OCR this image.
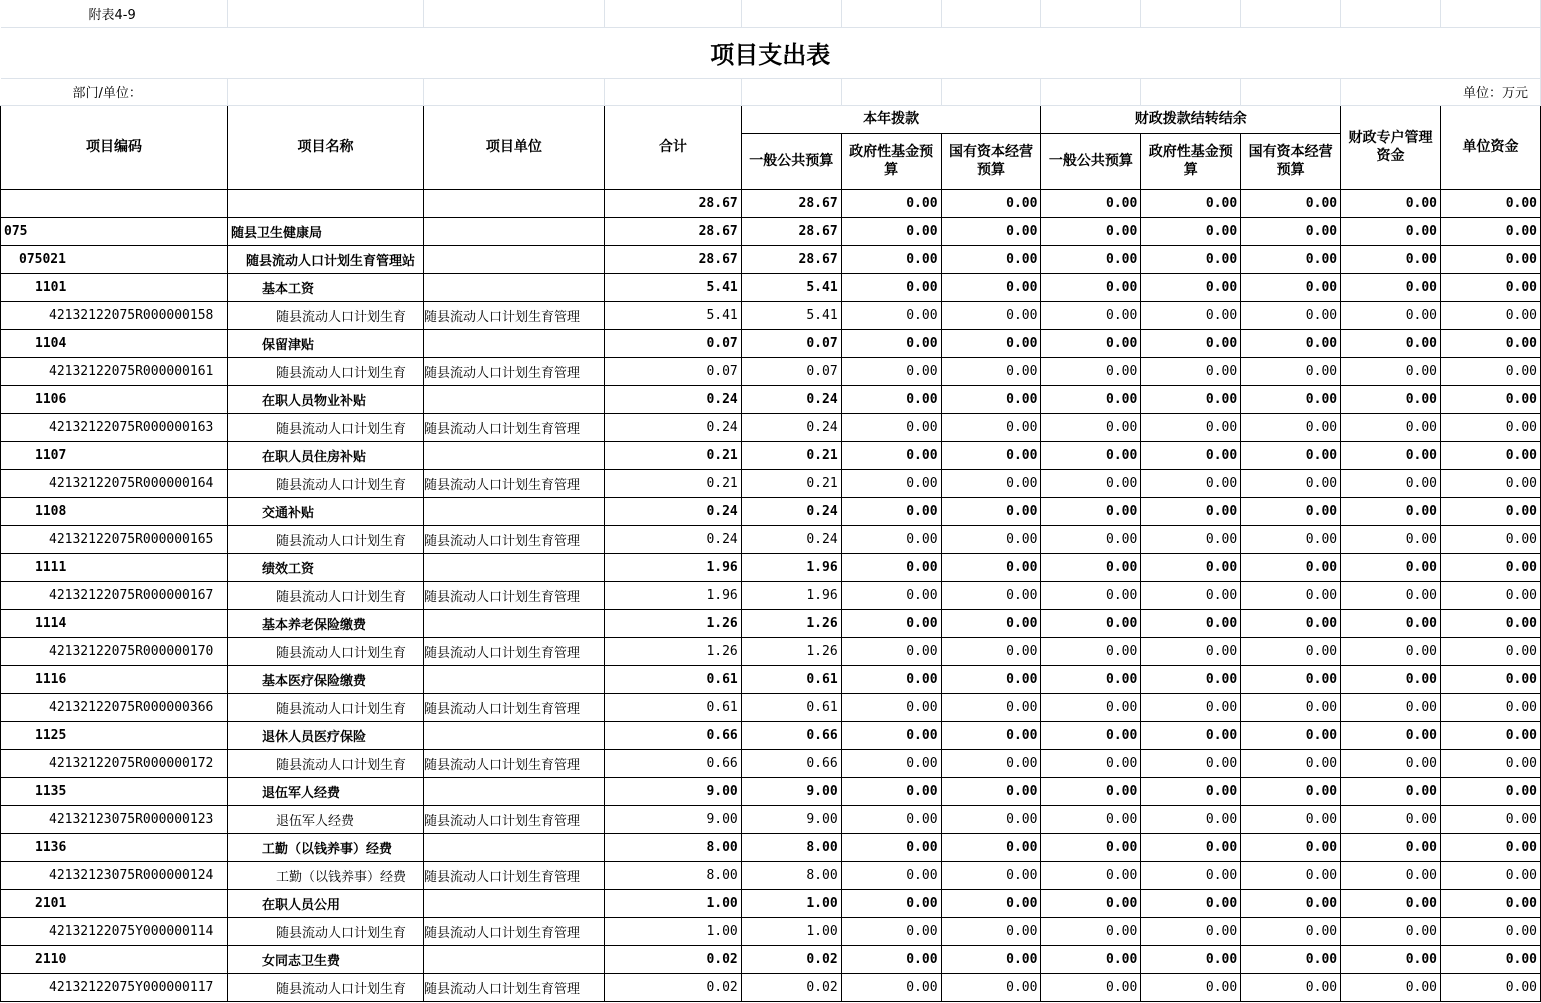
附表4-9											
项目支出表											
部门/单位：										单位：万元	
项目编码	项目名称	项目单位	合计	本年拨款			财政拨款结转结余			财政专户管理资金	单位资金
				一般公共预算	政府性基金预算	国有资本经营预算	一般公共预算	政府性基金预算	国有资本经营预算		
			28.67	28.67	0.00	0.00	0.00	0.00	0.00	0.00	0.00
075	随县卫生健康局		28.67	28.67	0.00	0.00	0.00	0.00	0.00	0.00	0.00
075021	随县流动人口计划生育管理站		28.67	28.67	0.00	0.00	0.00	0.00	0.00	0.00	0.00
1101	基本工资		5.41	5.41	0.00	0.00	0.00	0.00	0.00	0.00	0.00
42132122075R000000158	随县流动人口计划生育	随县流动人口计划生育管理	5.41	5.41	0.00	0.00	0.00	0.00	0.00	0.00	0.00
1104	保留津贴		0.07	0.07	0.00	0.00	0.00	0.00	0.00	0.00	0.00
42132122075R000000161	随县流动人口计划生育	随县流动人口计划生育管理	0.07	0.07	0.00	0.00	0.00	0.00	0.00	0.00	0.00
1106	在职人员物业补贴		0.24	0.24	0.00	0.00	0.00	0.00	0.00	0.00	0.00
42132122075R000000163	随县流动人口计划生育	随县流动人口计划生育管理	0.24	0.24	0.00	0.00	0.00	0.00	0.00	0.00	0.00
1107	在职人员住房补贴		0.21	0.21	0.00	0.00	0.00	0.00	0.00	0.00	0.00
42132122075R000000164	随县流动人口计划生育	随县流动人口计划生育管理	0.21	0.21	0.00	0.00	0.00	0.00	0.00	0.00	0.00
1108	交通补贴		0.24	0.24	0.00	0.00	0.00	0.00	0.00	0.00	0.00
42132122075R000000165	随县流动人口计划生育	随县流动人口计划生育管理	0.24	0.24	0.00	0.00	0.00	0.00	0.00	0.00	0.00
1111	绩效工资		1.96	1.96	0.00	0.00	0.00	0.00	0.00	0.00	0.00
42132122075R000000167	随县流动人口计划生育	随县流动人口计划生育管理	1.96	1.96	0.00	0.00	0.00	0.00	0.00	0.00	0.00
1114	基本养老保险缴费		1.26	1.26	0.00	0.00	0.00	0.00	0.00	0.00	0.00
42132122075R000000170	随县流动人口计划生育	随县流动人口计划生育管理	1.26	1.26	0.00	0.00	0.00	0.00	0.00	0.00	0.00
1116	基本医疗保险缴费		0.61	0.61	0.00	0.00	0.00	0.00	0.00	0.00	0.00
42132122075R000000366	随县流动人口计划生育	随县流动人口计划生育管理	0.61	0.61	0.00	0.00	0.00	0.00	0.00	0.00	0.00
1125	退休人员医疗保险		0.66	0.66	0.00	0.00	0.00	0.00	0.00	0.00	0.00
42132122075R000000172	随县流动人口计划生育	随县流动人口计划生育管理	0.66	0.66	0.00	0.00	0.00	0.00	0.00	0.00	0.00
1135	退伍军人经费		9.00	9.00	0.00	0.00	0.00	0.00	0.00	0.00	0.00
42132123075R000000123	退伍军人经费	随县流动人口计划生育管理	9.00	9.00	0.00	0.00	0.00	0.00	0.00	0.00	0.00
1136	工勤（以钱养事）经费		8.00	8.00	0.00	0.00	0.00	0.00	0.00	0.00	0.00
42132123075R000000124	工勤（以钱养事）经费	随县流动人口计划生育管理	8.00	8.00	0.00	0.00	0.00	0.00	0.00	0.00	0.00
2101	在职人员公用		1.00	1.00	0.00	0.00	0.00	0.00	0.00	0.00	0.00
42132122075Y000000114	随县流动人口计划生育	随县流动人口计划生育管理	1.00	1.00	0.00	0.00	0.00	0.00	0.00	0.00	0.00
2110	女同志卫生费		0.02	0.02	0.00	0.00	0.00	0.00	0.00	0.00	0.00
42132122075Y000000117	随县流动人口计划生育	随县流动人口计划生育管理	0.02	0.02	0.00	0.00	0.00	0.00	0.00	0.00	0.00
